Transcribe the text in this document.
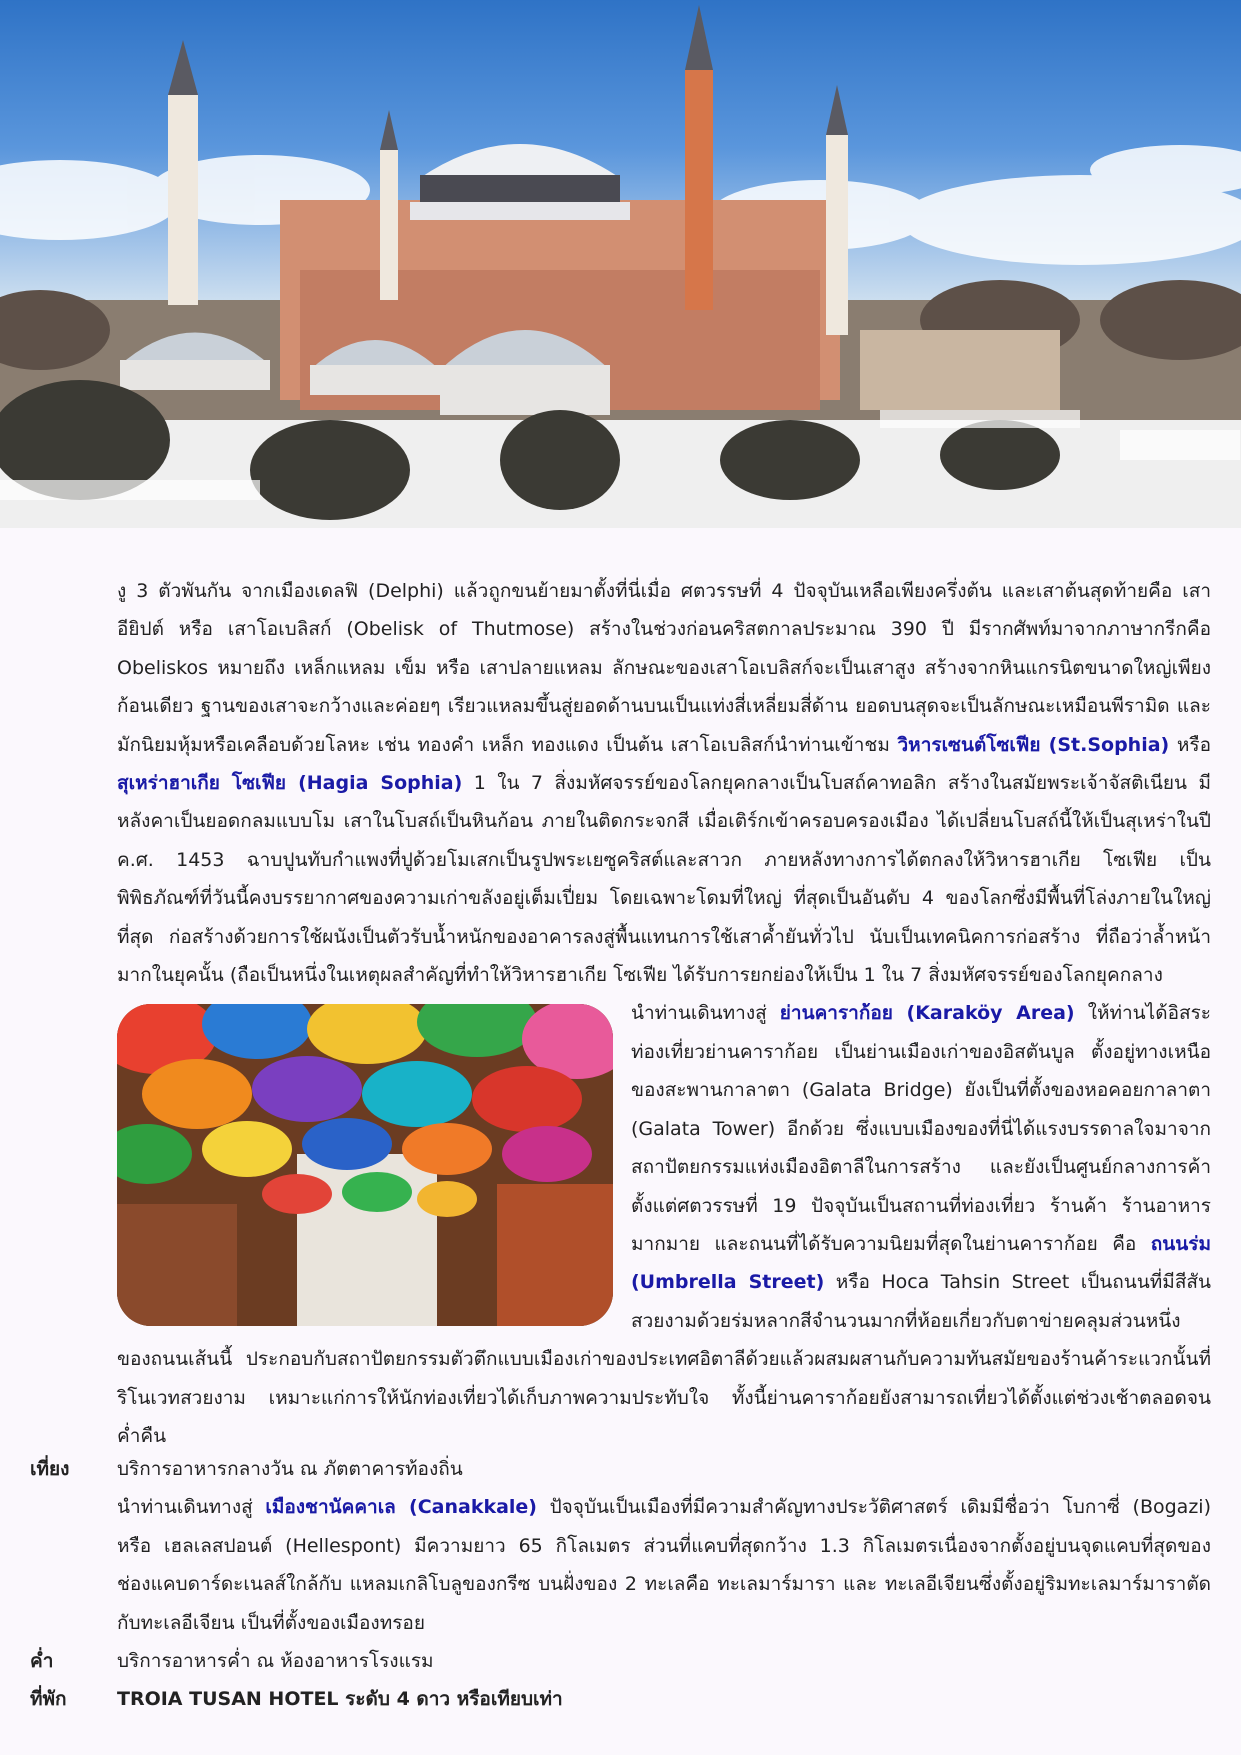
งู 3 ตัวพันกัน จากเมืองเดลฟิ (Delphi) แล้วถูกขนย้ายมาตั้งที่นี่เมื่อ ศตวรรษที่ 4 ปัจจุบันเหลือเพียงครึ่งต้น และเสาต้นสุดท้ายคือ เสา อียิปต์ หรือ เสาโอเบลิสก์ (Obelisk of Thutmose) สร้างในช่วงก่อนคริสตกาลประมาณ 390 ปี มีรากศัพท์มาจากภาษากรีกคือ Obeliskos หมายถึง เหล็กแหลม เข็ม หรือ เสาปลายแหลม ลักษณะของเสาโอเบลิสก์จะเป็นเสาสูง สร้างจากหินแกรนิตขนาดใหญ่เพียงก้อนเดียว ฐานของเสาจะกว้างและค่อยๆ เรียวแหลมขึ้นสู่ยอดด้านบนเป็นแท่งสี่เหลี่ยมสี่ด้าน ยอดบนสุดจะเป็นลักษณะเหมือนพีรามิด และมักนิยมหุ้มหรือเคลือบด้วยโลหะ เช่น ทองคำ เหล็ก ทองแดง เป็นต้น เสาโอเบลิสก์นำท่านเข้าชม วิหารเซนต์โซเฟีย (St.Sophia) หรือ สุเหร่าฮาเกีย โซเฟีย (Hagia Sophia) 1 ใน 7 สิ่งมหัศจรรย์ของโลกยุคกลางเป็นโบสถ์คาทอลิก สร้างในสมัยพระเจ้าจัสติเนียน มีหลังคาเป็นยอดกลมแบบโม เสาในโบสถ์เป็นหินก้อน ภายในติดกระจกสี เมื่อเติร์กเข้าครอบครองเมือง ได้เปลี่ยนโบสถ์นี้ให้เป็นสุเหร่าในปี ค.ศ. 1453 ฉาบปูนทับกำแพงที่ปูด้วยโมเสกเป็นรูปพระเยซูคริสต์และสาวก ภายหลังทางการได้ตกลงให้วิหารฮาเกีย โซเฟีย เป็นพิพิธภัณฑ์ที่วันนี้คงบรรยากาศของความเก่าขลังอยู่เต็มเปี่ยม โดยเฉพาะโดมที่ใหญ่ ที่สุดเป็นอันดับ 4 ของโลกซึ่งมีพื้นที่โล่งภายในใหญ่ที่สุด ก่อสร้างด้วยการใช้ผนังเป็นตัวรับน้ำหนักของอาคารลงสู่พื้นแทนการใช้เสาค้ำยันทั่วไป นับเป็นเทคนิคการก่อสร้าง ที่ถือว่าล้ำหน้ามากในยุคนั้น (ถือเป็นหนึ่งในเหตุผลสำคัญที่ทำให้วิหารฮาเกีย โซเฟีย ได้รับการยกย่องให้เป็น 1 ใน 7 สิ่งมหัศจรรย์ของโลกยุคกลาง

นำท่านเดินทางสู่ ย่านคาราก้อย (Karaköy Area) ให้ท่านได้อิสระท่องเที่ยวย่านคาราก้อย เป็นย่านเมืองเก่าของอิสตันบูล ตั้งอยู่ทางเหนือของสะพานกาลาตา (Galata Bridge) ยังเป็นที่ตั้งของหอคอยกาลาตา (Galata Tower) อีกด้วย ซึ่งแบบเมืองของที่นี่ได้แรงบรรดาลใจมาจากสถาปัตยกรรมแห่งเมืองอิตาลีในการสร้าง และยังเป็นศูนย์กลางการค้าตั้งแต่ศตวรรษที่ 19 ปัจจุบันเป็นสถานที่ท่องเที่ยว ร้านค้า ร้านอาหารมากมาย และถนนที่ได้รับความนิยมที่สุดในย่านคาราก้อย คือ ถนนร่ม (Umbrella Street) หรือ Hoca Tahsin Street เป็นถนนที่มีสีสันสวยงามด้วยร่มหลากสีจำนวนมากที่ห้อยเกี่ยวกับตาข่ายคลุมส่วนหนึ่งของถนนเส้นนี้ ประกอบกับสถาปัตยกรรมตัวตึกแบบเมืองเก่าของประเทศอิตาลีด้วยแล้วผสมผสานกับความทันสมัยของร้านค้าระแวกนั้นที่ริโนเวทสวยงาม เหมาะแก่การให้นักท่องเที่ยวได้เก็บภาพความประทับใจ ทั้งนี้ย่านคาราก้อยยังสามารถเที่ยวได้ตั้งแต่ช่วงเช้าตลอดจนค่ำคืน

เที่ยง	บริการอาหารกลางวัน ณ ภัตตาคารท้องถิ่น
นำท่านเดินทางสู่ เมืองชานัคคาเล (Canakkale) ปัจจุบันเป็นเมืองที่มีความสำคัญทางประวัติศาสตร์ เดิมมีชื่อว่า โบกาซี่ (Bogazi) หรือ เฮลเลสปอนต์ (Hellespont) มีความยาว 65 กิโลเมตร ส่วนที่แคบที่สุดกว้าง 1.3 กิโลเมตรเนื่องจากตั้งอยู่บนจุดแคบที่สุดของช่องแคบดาร์ดะเนลส์ใกล้กับ แหลมเกลิโบลูของกรีซ บนฝั่งของ 2 ทะเลคือ ทะเลมาร์มารา และ ทะเลอีเจียนซึ่งตั้งอยู่ริมทะเลมาร์มาราตัดกับทะเลอีเจียน เป็นที่ตั้งของเมืองทรอย
ค่ำ	บริการอาหารค่ำ ณ ห้องอาหารโรงแรม
ที่พัก	TROIA TUSAN HOTEL ระดับ 4 ดาว หรือเทียบเท่า
